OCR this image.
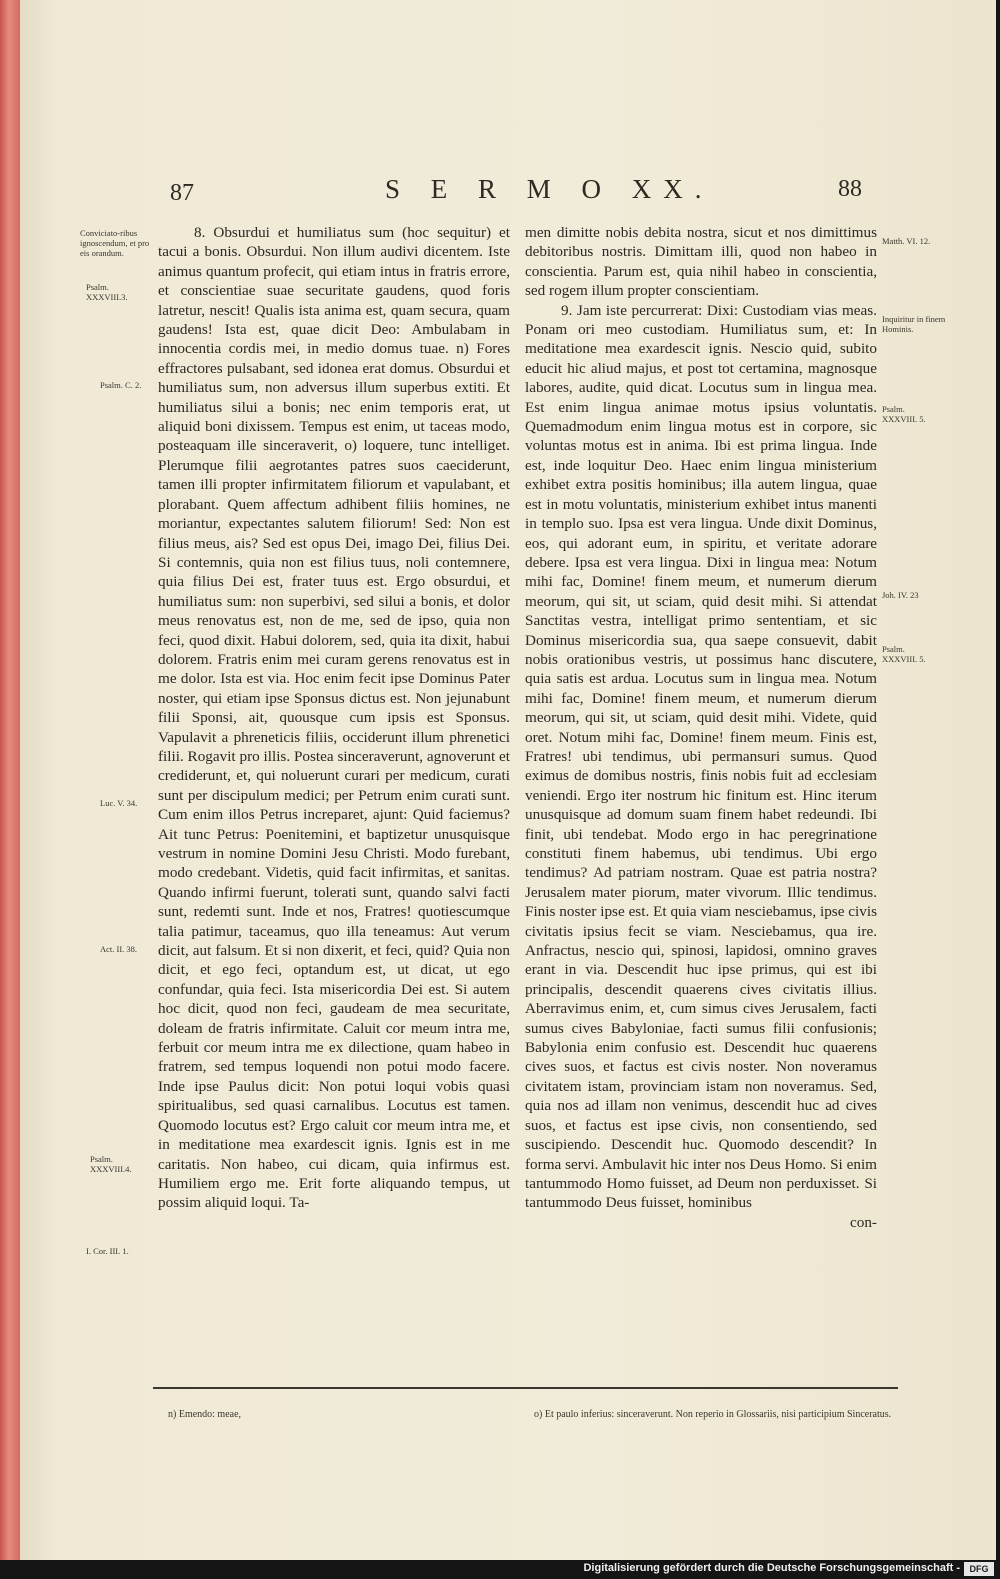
87	S E R M O XX.	88
Conviciato-ribus ignoscendum, et pro eis orandum.
Psalm. XXXVIII.3.
Psalm. C. 2.
Luc. V. 34.
Act. II. 38.
Psalm. XXXVIII.4.
I. Cor. III. 1.
Matth. VI. 12.
Inquiritur in finem Hominis.
Psalm. XXXVIII. 5.
Joh. IV. 23
Psalm. XXXVIII. 5.

8. Obsurdui et humiliatus sum (hoc sequitur) et tacui a bonis. Obsurdui. Non illum audivi dicentem. Iste animus quantum profecit, qui etiam intus in fratris errore, et conscientiae suae securitate gaudens, quod foris latretur, nescit! Qualis ista anima est, quam secura, quam gaudens! Ista est, quae dicit Deo: Ambulabam in innocentia cordis mei, in medio domus tuae. n) Fores effractores pulsabant, sed idonea erat domus. Obsurdui et humiliatus sum, non adversus illum superbus extiti. Et humiliatus silui a bonis; nec enim temporis erat, ut aliquid boni dixissem. Tempus est enim, ut taceas modo, posteaquam ille sinceraverit, o) loquere, tunc intelliget. Plerumque filii aegrotantes patres suos caeciderunt, tamen illi propter infirmitatem filiorum et vapulabant, et plorabant. Quem affectum adhibent filiis homines, ne moriantur, expectantes salutem filiorum! Sed: Non est filius meus, ais? Sed est opus Dei, imago Dei, filius Dei. Si contemnis, quia non est filius tuus, noli contemnere, quia filius Dei est, frater tuus est. Ergo obsurdui, et humiliatus sum: non superbivi, sed silui a bonis, et dolor meus renovatus est, non de me, sed de ipso, quia non feci, quod dixit. Habui dolorem, sed, quia ita dixit, habui dolorem. Fratris enim mei curam gerens renovatus est in me dolor. Ista est via. Hoc enim fecit ipse Dominus Pater noster, qui etiam ipse Sponsus dictus est. Non jejunabunt filii Sponsi, ait, quousque cum ipsis est Sponsus. Vapulavit a phreneticis filiis, occiderunt illum phrenetici filii. Rogavit pro illis. Postea sinceraverunt, agnoverunt et crediderunt, et, qui noluerunt curari per medicum, curati sunt per discipulum medici; per Petrum enim curati sunt. Cum enim illos Petrus increparet, ajunt: Quid faciemus? Ait tunc Petrus: Poenitemini, et baptizetur unusquisque vestrum in nomine Domini Jesu Christi. Modo furebant, modo credebant. Videtis, quid facit infirmitas, et sanitas. Quando infirmi fuerunt, tolerati sunt, quando salvi facti sunt, redemti sunt. Inde et nos, Fratres! quotiescumque talia patimur, taceamus, quo illa teneamus: Aut verum dicit, aut falsum. Et si non dixerit, et feci, quid? Quia non dicit, et ego feci, optandum est, ut dicat, ut ego confundar, quia feci. Ista misericordia Dei est. Si autem hoc dicit, quod non feci, gaudeam de mea securitate, doleam de fratris infirmitate. Caluit cor meum intra me, ferbuit cor meum intra me ex dilectione, quam habeo in fratrem, sed tempus loquendi non potui modo facere. Inde ipse Paulus dicit: Non potui loqui vobis quasi spiritualibus, sed quasi carnalibus. Locutus est tamen. Quomodo locutus est? Ergo caluit cor meum intra me, et in meditatione mea exardescit ignis. Ignis est in me caritatis. Non habeo, cui dicam, quia infirmus est. Humiliem ergo me. Erit forte aliquando tempus, ut possim aliquid loqui. Ta-

men dimitte nobis debita nostra, sicut et nos dimittimus debitoribus nostris. Dimittam illi, quod non habeo in conscientia. Parum est, quia nihil habeo in conscientia, sed rogem illum propter conscientiam.

9. Jam iste percurrerat: Dixi: Custodiam vias meas. Ponam ori meo custodiam. Humiliatus sum, et: In meditatione mea exardescit ignis. Nescio quid, subito educit hic aliud majus, et post tot certamina, magnosque labores, audite, quid dicat. Locutus sum in lingua mea. Est enim lingua animae motus ipsius voluntatis. Quemadmodum enim lingua motus est in corpore, sic voluntas motus est in anima. Ibi est prima lingua. Inde est, inde loquitur Deo. Haec enim lingua ministerium exhibet extra positis hominibus; illa autem lingua, quae est in motu voluntatis, ministerium exhibet intus manenti in templo suo. Ipsa est vera lingua. Unde dixit Dominus, eos, qui adorant eum, in spiritu, et veritate adorare debere. Ipsa est vera lingua. Dixi in lingua mea: Notum mihi fac, Domine! finem meum, et numerum dierum meorum, qui sit, ut sciam, quid desit mihi. Si attendat Sanctitas vestra, intelligat primo sententiam, et sic Dominus misericordia sua, qua saepe consuevit, dabit nobis orationibus vestris, ut possimus hanc discutere, quia satis est ardua. Locutus sum in lingua mea. Notum mihi fac, Domine! finem meum, et numerum dierum meorum, qui sit, ut sciam, quid desit mihi. Videte, quid oret. Notum mihi fac, Domine! finem meum. Finis est, Fratres! ubi tendimus, ubi permansuri sumus. Quod eximus de domibus nostris, finis nobis fuit ad ecclesiam veniendi. Ergo iter nostrum hic finitum est. Hinc iterum unusquisque ad domum suam finem habet redeundi. Ibi finit, ubi tendebat. Modo ergo in hac peregrinatione constituti finem habemus, ubi tendimus. Ubi ergo tendimus? Ad patriam nostram. Quae est patria nostra? Jerusalem mater piorum, mater vivorum. Illic tendimus. Finis noster ipse est. Et quia viam nesciebamus, ipse civis civitatis ipsius fecit se viam. Nesciebamus, qua ire. Anfractus, nescio qui, spinosi, lapidosi, omnino graves erant in via. Descendit huc ipse primus, qui est ibi principalis, descendit quaerens cives civitatis illius. Aberravimus enim, et, cum simus cives Jerusalem, facti sumus cives Babyloniae, facti sumus filii confusionis; Babylonia enim confusio est. Descendit huc quaerens cives suos, et factus est civis noster. Non noveramus civitatem istam, provinciam istam non noveramus. Sed, quia nos ad illam non venimus, descendit huc ad cives suos, et factus est ipse civis, non consentiendo, sed suscipiendo. Descendit huc. Quomodo descendit? In forma servi. Ambulavit hic inter nos Deus Homo. Si enim tantummodo Homo fuisset, ad Deum non perduxisset. Si tantummodo Deus fuisset, hominibus

con-
n) Emendo: meae,	o) Et paulo inferius: sinceraverunt. Non reperio in Glossariis, nisi participium Sinceratus.
Digitalisierung gefördert durch die Deutsche Forschungsgemeinschaft -	DFG
